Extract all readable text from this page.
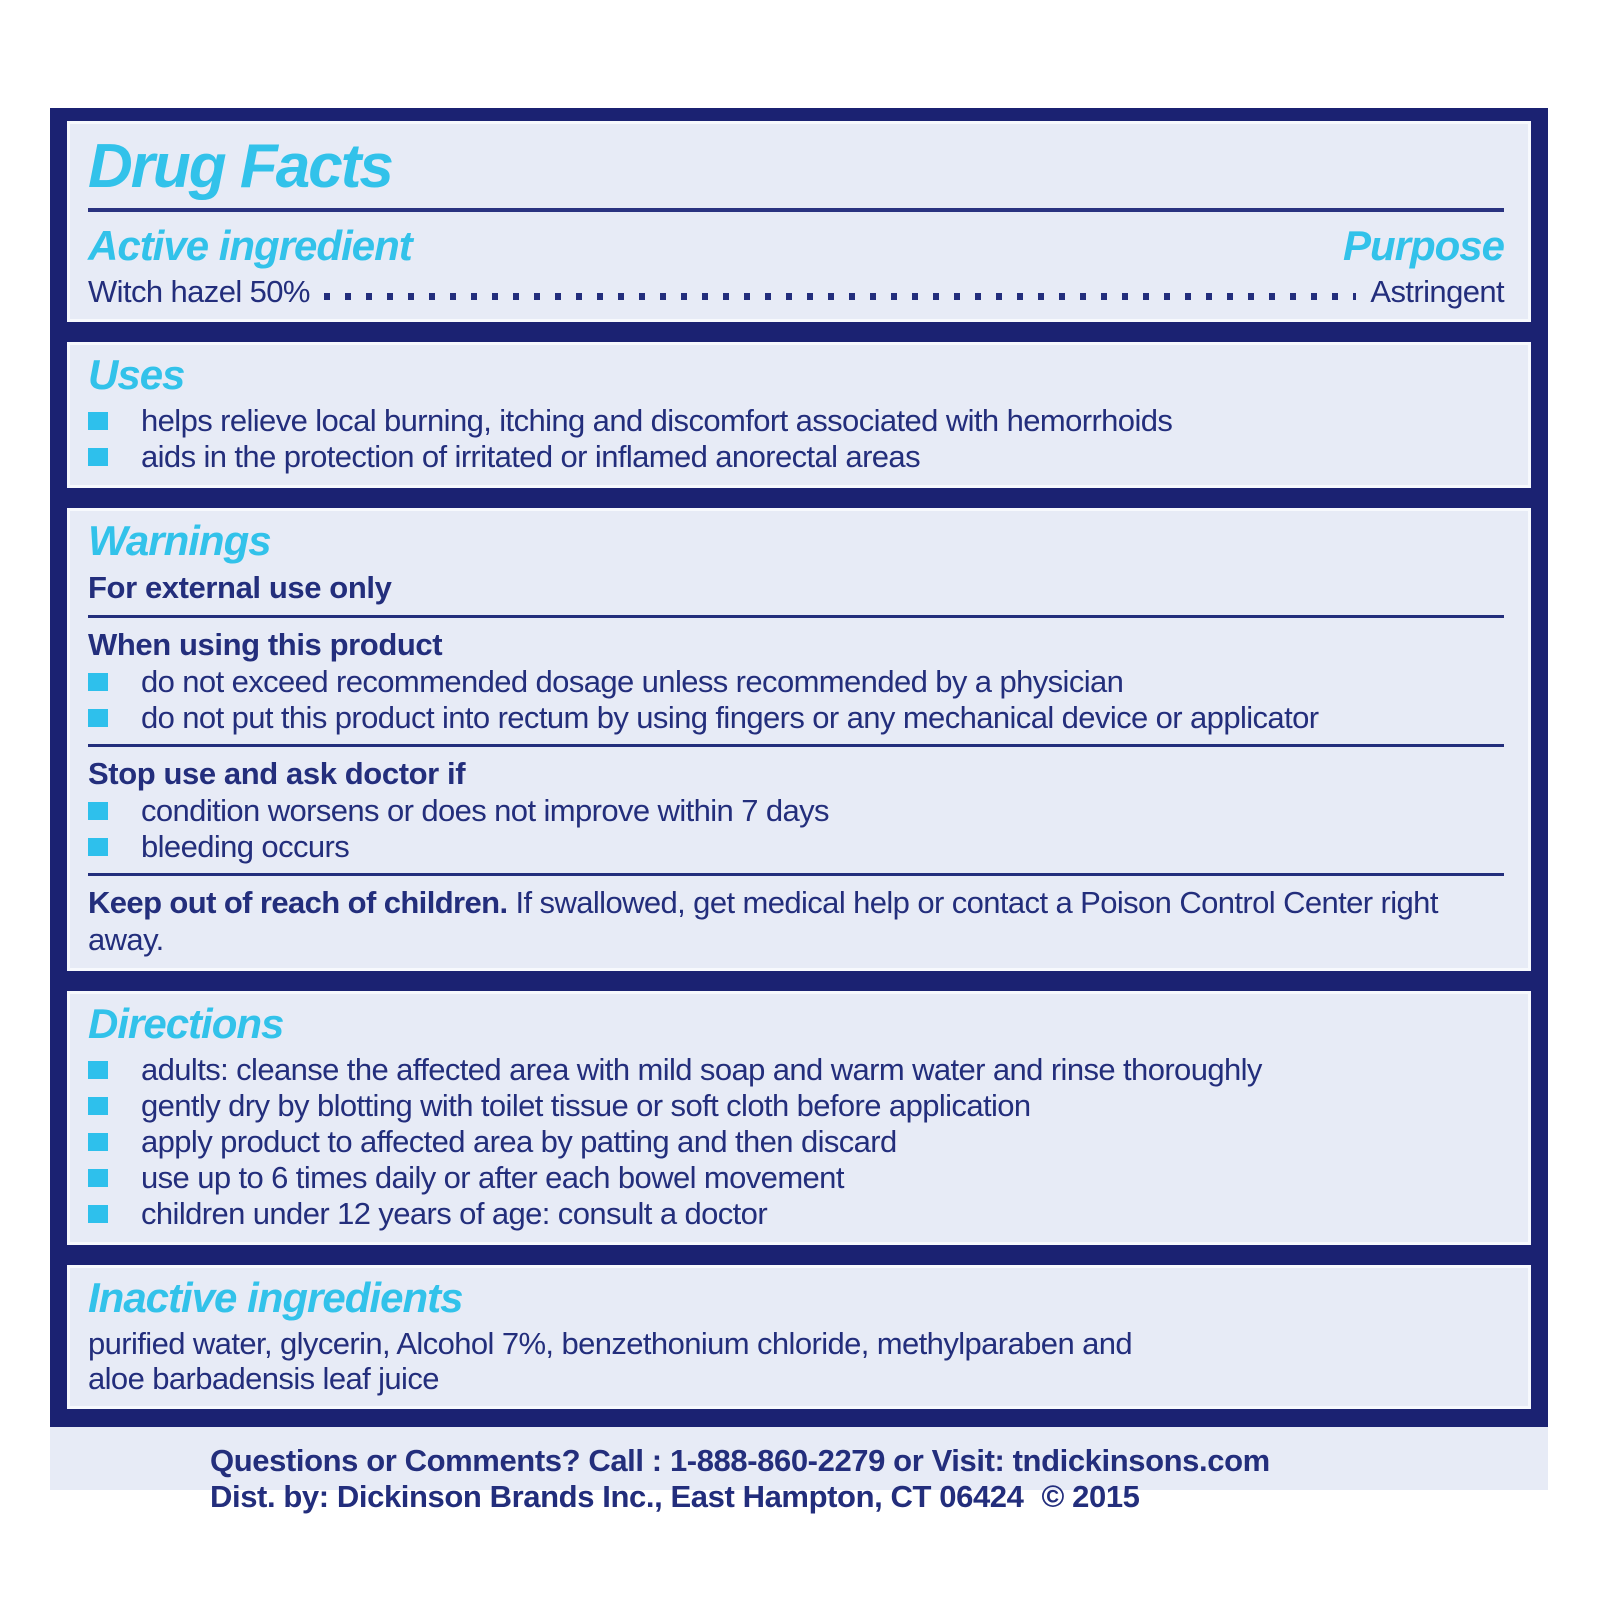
Drug Facts
Active ingredient	Purpose
Witch hazel 50%	Astringent
Uses
helps relieve local burning, itching and discomfort associated with hemorrhoids
aids in the protection of irritated or inflamed anorectal areas
Warnings

For external use only

When using this product

do not exceed recommended dosage unless recommended by a physician
do not put this product into rectum by using fingers or any mechanical device or applicator

Stop use and ask doctor if

condition worsens or does not improve within 7 days
bleeding occurs

Keep out of reach of children. If swallowed, get medical help or contact a Poison Control Center right away.

Directions
adults: cleanse the affected area with mild soap and warm water and rinse thoroughly
gently dry by blotting with toilet tissue or soft cloth before application
apply product to affected area by patting and then discard
use up to 6 times daily or after each bowel movement
children under 12 years of age: consult a doctor
Inactive ingredients
purified water, glycerin, Alcohol 7%, benzethonium chloride, methylparaben and
aloe barbadensis leaf juice
Questions or Comments? Call : 1-888-860-2279 or Visit: tndickinsons.com
Dist. by: Dickinson Brands Inc., East Hampton, CT 06424 © 2015
